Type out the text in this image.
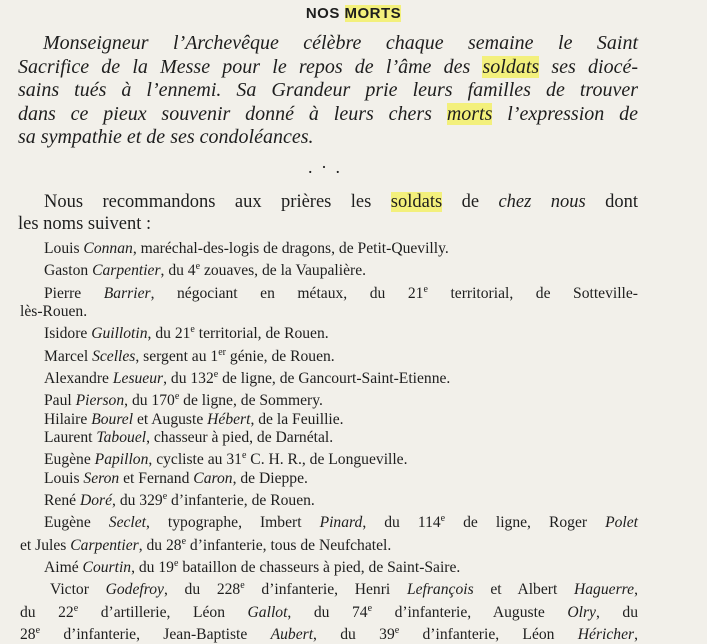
NOS MORTS
Monseigneur l’Archevêque célèbre chaque semaine le Saint
Sacrifice de la Messe pour le repos de l’âme des soldats ses diocé-
sains tués à l’ennemi. Sa Grandeur prie leurs familles de trouver
dans ce pieux souvenir donné à leurs chers morts l’expression de
sa sympathie et de ses condoléances.
. · .
Nous recommandons aux prières les soldats de chez nous dont
les noms suivent :
Louis Connan, maréchal-des-logis de dragons, de Petit-Quevilly.
Gaston Carpentier, du 4e zouaves, de la Vaupalière.
Pierre Barrier, négociant en métaux, du 21e territorial, de Sotteville-
lès-Rouen.
Isidore Guillotin, du 21e territorial, de Rouen.
Marcel Scelles, sergent au 1er génie, de Rouen.
Alexandre Lesueur, du 132e de ligne, de Gancourt-Saint-Etienne.
Paul Pierson, du 170e de ligne, de Sommery.
Hilaire Bourel et Auguste Hébert, de la Feuillie.
Laurent Tabouel, chasseur à pied, de Darnétal.
Eugène Papillon, cycliste au 31e C. H. R., de Longueville.
Louis Seron et Fernand Caron, de Dieppe.
René Doré, du 329e d’infanterie, de Rouen.
Eugène Seclet, typographe, Imbert Pinard, du 114e de ligne, Roger Polet
et Jules Carpentier, du 28e d’infanterie, tous de Neufchatel.
Aimé Courtin, du 19e bataillon de chasseurs à pied, de Saint-Saire.
Victor Godefroy, du 228e d’infanterie, Henri Lefrançois et Albert Haguerre,
du 22e d’artillerie, Léon Gallot, du 74e d’infanterie, Auguste Olry, du
28e d’infanterie, Jean-Baptiste Aubert, du 39e d’infanterie, Léon Héricher,
